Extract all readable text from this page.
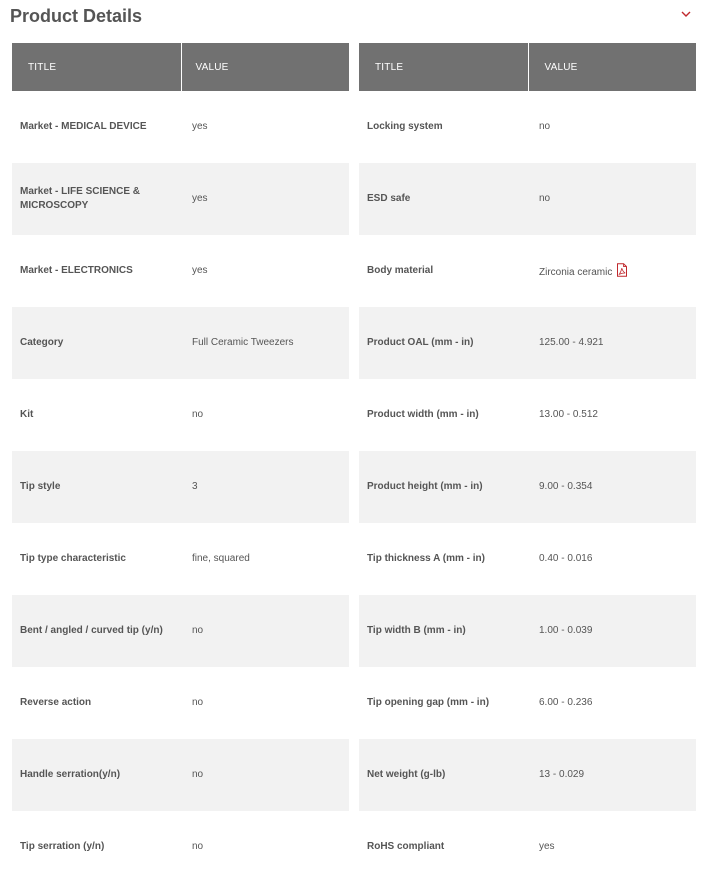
Product Details
TITLE	VALUE
Market - MEDICAL DEVICE	yes
Market - LIFE SCIENCE & MICROSCOPY	yes
Market - ELECTRONICS	yes
Category	Full Ceramic Tweezers
Kit	no
Tip style	3
Tip type characteristic	fine, squared
Bent / angled / curved tip (y/n)	no
Reverse action	no
Handle serration(y/n)	no
Tip serration (y/n)	no
TITLE	VALUE
Locking system	no
ESD safe	no
Body material	Zirconia ceramic
Product OAL (mm - in)	125.00 - 4.921
Product width (mm - in)	13.00 - 0.512
Product height (mm - in)	9.00 - 0.354
Tip thickness A (mm - in)	0.40 - 0.016
Tip width B (mm - in)	1.00 - 0.039
Tip opening gap (mm - in)	6.00 - 0.236
Net weight (g-lb)	13 - 0.029
RoHS compliant	yes
